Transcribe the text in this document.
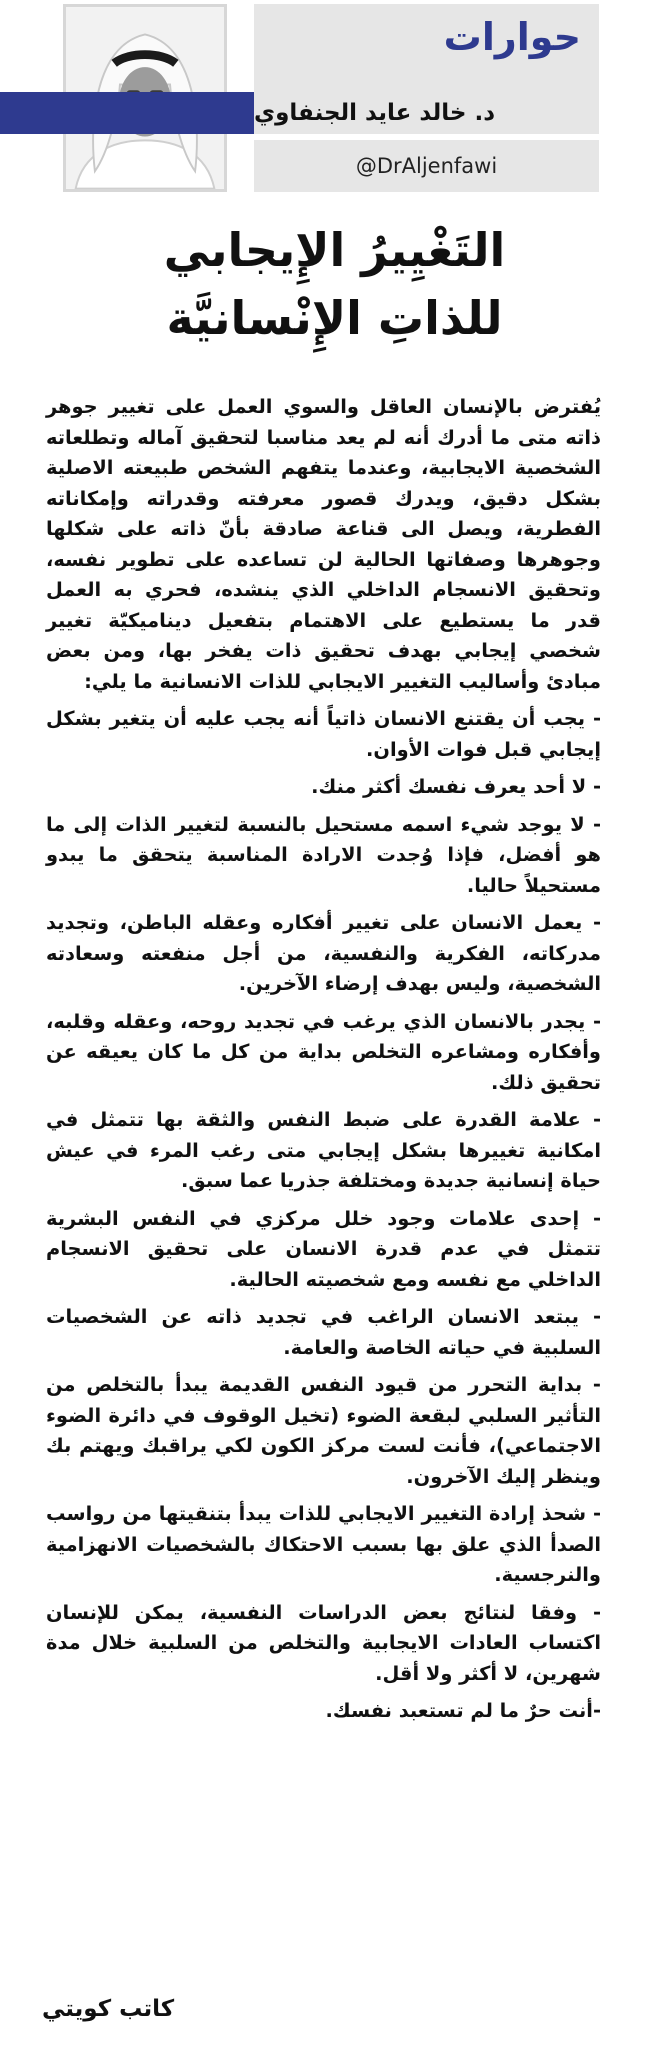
حوارات
د. خالد عايد الجنفاوي
@DrAljenfawi
التَغْيِيرُ الإِيجابي
للذاتِ الإِنْسانيَّة

يُفترض بالإنسان العاقل والسوي العمل على تغيير جوهر ذاته متى ما أدرك أنه لم يعد مناسبا لتحقيق آماله وتطلعاته الشخصية الايجابية، وعندما يتفهم الشخص طبيعته الاصلية بشكل دقيق، ويدرك قصور معرفته وقدراته وإمكاناته الفطرية، ويصل الى قناعة صادقة بأنّ ذاته على شكلها وجوهرها وصفاتها الحالية لن تساعده على تطوير نفسه، وتحقيق الانسجام الداخلي الذي ينشده، فحري به العمل قدر ما يستطيع على الاهتمام بتفعيل ديناميكيّة تغيير شخصي إيجابي بهدف تحقيق ذات يفخر بها، ومن بعض مبادئ وأساليب التغيير الايجابي للذات الانسانية ما يلي:

- يجب أن يقتنع الانسان ذاتياً أنه يجب عليه أن يتغير بشكل إيجابي قبل فوات الأوان.

- لا أحد يعرف نفسك أكثر منك.

- لا يوجد شيء اسمه مستحيل بالنسبة لتغيير الذات إلى ما هو أفضل، فإذا وُجدت الارادة المناسبة يتحقق ما يبدو مستحيلاً حاليا.

- يعمل الانسان على تغيير أفكاره وعقله الباطن، وتجديد مدركاته، الفكرية والنفسية، من أجل منفعته وسعادته الشخصية، وليس بهدف إرضاء الآخرين.

- يجدر بالانسان الذي يرغب في تجديد روحه، وعقله وقلبه، وأفكاره ومشاعره التخلص بداية من كل ما كان يعيقه عن تحقيق ذلك.

- علامة القدرة على ضبط النفس والثقة بها تتمثل في امكانية تغييرها بشكل إيجابي متى رغب المرء في عيش حياة إنسانية جديدة ومختلفة جذريا عما سبق.

- إحدى علامات وجود خلل مركزي في النفس البشرية تتمثل في عدم قدرة الانسان على تحقيق الانسجام الداخلي مع نفسه ومع شخصيته الحالية.

- يبتعد الانسان الراغب في تجديد ذاته عن الشخصيات السلبية في حياته الخاصة والعامة.

- بداية التحرر من قيود النفس القديمة يبدأ بالتخلص من التأثير السلبي لبقعة الضوء (تخيل الوقوف في دائرة الضوء الاجتماعي)، فأنت لست مركز الكون لكي يراقبك ويهتم بك وينظر إليك الآخرون.

- شحذ إرادة التغيير الايجابي للذات يبدأ بتنقيتها من رواسب الصدأ الذي علق بها بسبب الاحتكاك بالشخصيات الانهزامية والنرجسية.

- وفقا لنتائج بعض الدراسات النفسية، يمكن للإنسان اكتساب العادات الايجابية والتخلص من السلبية خلال مدة شهرين، لا أكثر ولا أقل.

-أنت حرٌ ما لم تستعبد نفسك.

كاتب كويتي
